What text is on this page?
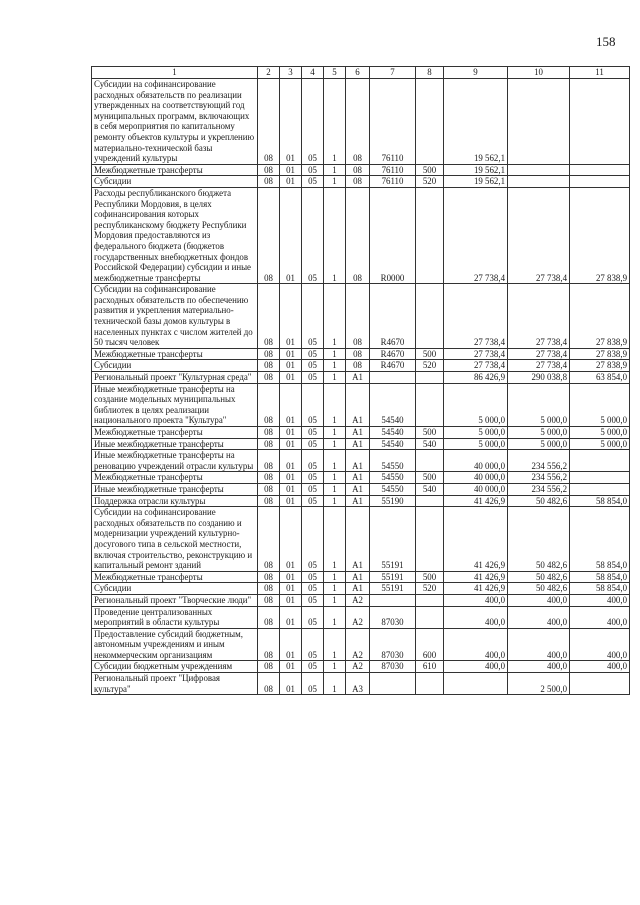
158
1	2	3	4	5	6	7	8	9	10	11
Субсидии на софинансирование расходных обязательств по реализации утвержденных на соответствующий год муниципальных программ, включающих в себя мероприятия по капитальному ремонту объектов культуры и укреплению материально-технической базы учреждений культуры	08	01	05	1	08	76110		19 562,1		
Межбюджетные трансферты	08	01	05	1	08	76110	500	19 562,1		
Субсидии	08	01	05	1	08	76110	520	19 562,1		
Расходы республиканского бюджета Республики Мордовия, в целях софинансирования которых республиканскому бюджету Республики Мордовия предоставляются из федерального бюджета (бюджетов государственных внебюджетных фондов Российской Федерации) субсидии и иные межбюджетные трансферты	08	01	05	1	08	R0000		27 738,4	27 738,4	27 838,9
Субсидии на софинансирование расходных обязательств по обеспечению развития и укрепления материально-технической базы домов культуры в населенных пунктах с числом жителей до 50 тысяч человек	08	01	05	1	08	R4670		27 738,4	27 738,4	27 838,9
Межбюджетные трансферты	08	01	05	1	08	R4670	500	27 738,4	27 738,4	27 838,9
Субсидии	08	01	05	1	08	R4670	520	27 738,4	27 738,4	27 838,9
Региональный проект "Культурная среда"	08	01	05	1	A1			86 426,9	290 038,8	63 854,0
Иные межбюджетные трансферты на создание модельных муниципальных библиотек в целях реализации национального проекта "Культура"	08	01	05	1	A1	54540		5 000,0	5 000,0	5 000,0
Межбюджетные трансферты	08	01	05	1	A1	54540	500	5 000,0	5 000,0	5 000,0
Иные межбюджетные трансферты	08	01	05	1	A1	54540	540	5 000,0	5 000,0	5 000,0
Иные межбюджетные трансферты на реновацию учреждений отрасли культуры	08	01	05	1	A1	54550		40 000,0	234 556,2	
Межбюджетные трансферты	08	01	05	1	A1	54550	500	40 000,0	234 556,2	
Иные межбюджетные трансферты	08	01	05	1	A1	54550	540	40 000,0	234 556,2	
Поддержка отрасли культуры	08	01	05	1	A1	55190		41 426,9	50 482,6	58 854,0
Субсидии на софинансирование расходных обязательств по созданию и модернизации учреждений культурно-досугового типа в сельской местности, включая строительство, реконструкцию и капитальный ремонт зданий	08	01	05	1	A1	55191		41 426,9	50 482,6	58 854,0
Межбюджетные трансферты	08	01	05	1	A1	55191	500	41 426,9	50 482,6	58 854,0
Субсидии	08	01	05	1	A1	55191	520	41 426,9	50 482,6	58 854,0
Региональный проект "Творческие люди"	08	01	05	1	A2			400,0	400,0	400,0
Проведение централизованных мероприятий в области культуры	08	01	05	1	A2	87030		400,0	400,0	400,0
Предоставление субсидий бюджетным, автономным учреждениям и иным некоммерческим организациям	08	01	05	1	A2	87030	600	400,0	400,0	400,0
Субсидии бюджетным учреждениям	08	01	05	1	A2	87030	610	400,0	400,0	400,0
Региональный проект "Цифровая культура"	08	01	05	1	A3				2 500,0	
